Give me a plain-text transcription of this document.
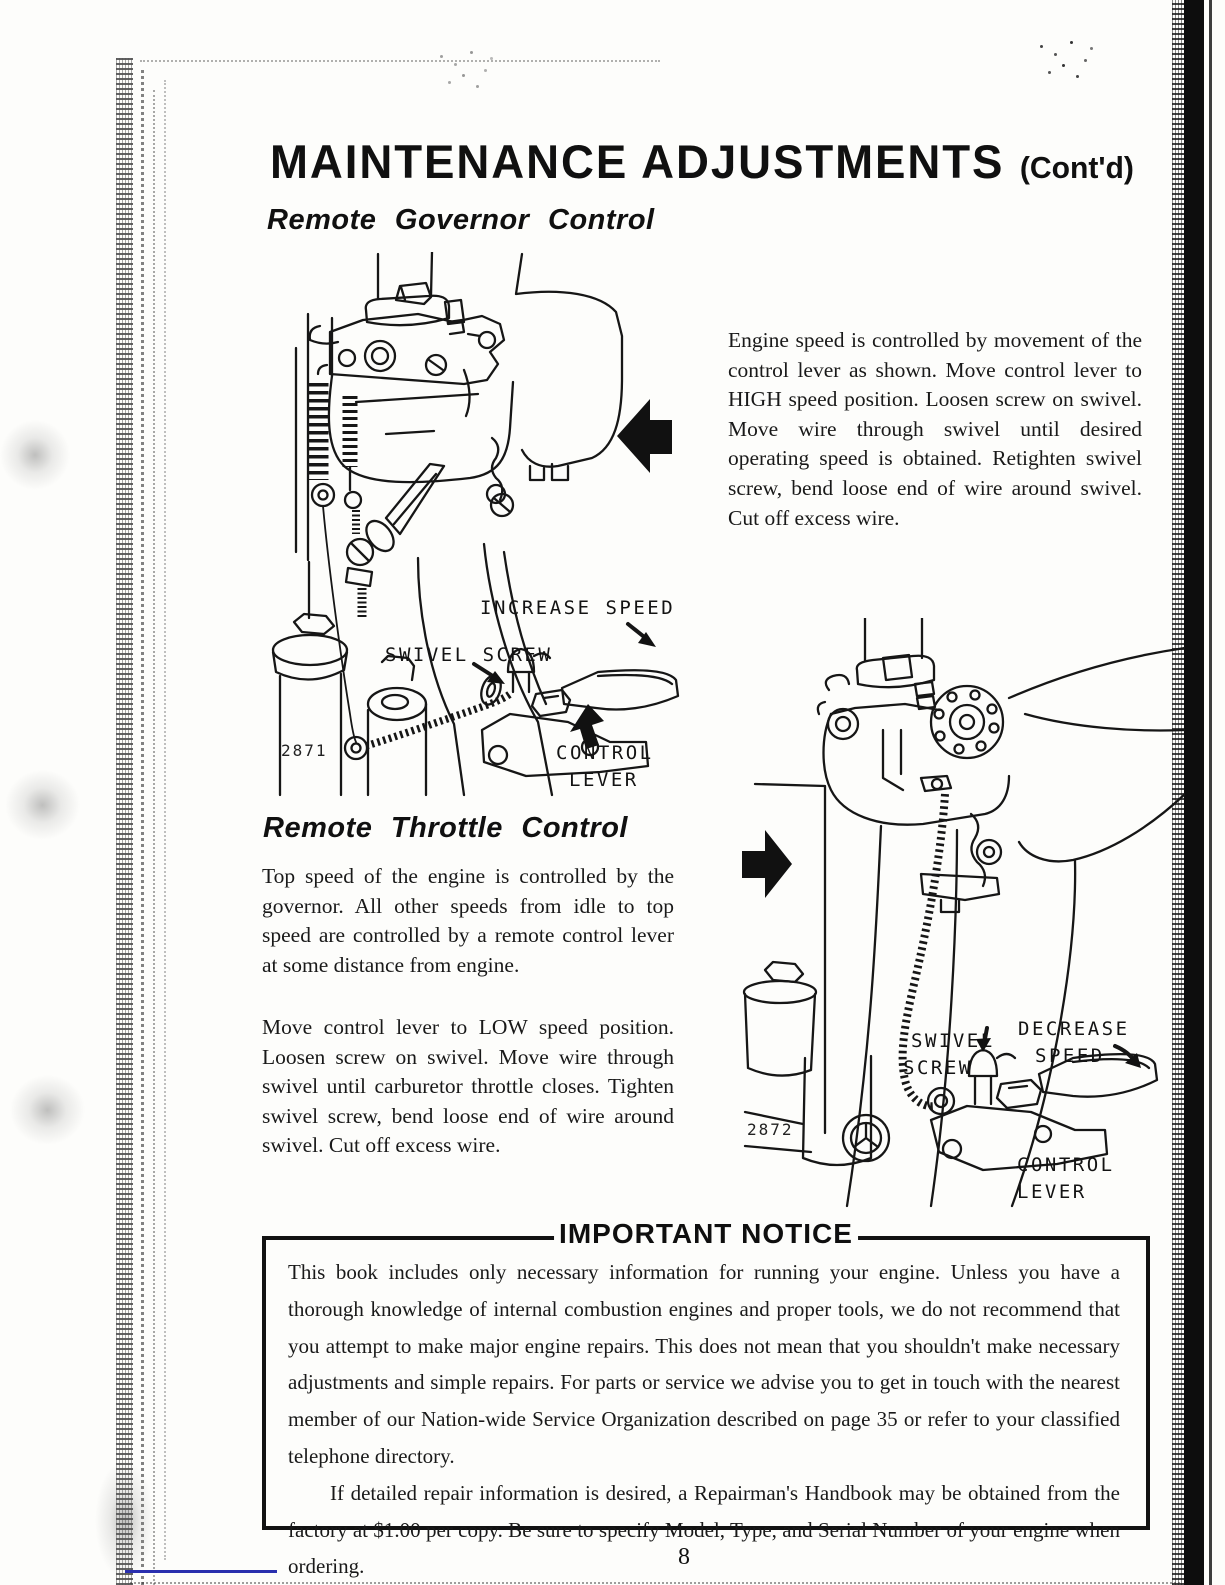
MAINTENANCE ADJUSTMENTS (Cont'd)
Remote Governor Control
Engine speed is controlled by movement of the control lever as shown. Move control lever to HIGH speed position. Loosen screw on swivel. Move wire through swivel until desired operating speed is obtained. Retighten swivel screw, bend loose end of wire around swivel. Cut off excess wire.
INCREASE SPEED
SWIVEL SCREW
CONTROL
LEVER
2871
Remote Throttle Control
Top speed of the engine is controlled by the governor. All other speeds from idle to top speed are controlled by a remote control lever at some distance from engine.
Move control lever to LOW speed position. Loosen screw on swivel. Move wire through swivel until carburetor throttle closes. Tighten swivel screw, bend loose end of wire around swivel. Cut off excess wire.
SWIVEL
SCREW
DECREASE
SPEED
CONTROL
LEVER
2872
IMPORTANT NOTICE
This book includes only necessary information for running your engine. Unless you have a thorough knowledge of internal combustion engines and proper tools, we do not recommend that you attempt to make major engine repairs. This does not mean that you shouldn't make necessary adjustments and simple repairs. For parts or service we advise you to get in touch with the nearest member of our Nation-wide Service Organization described on page 35 or refer to your classified telephone directory.
If detailed repair information is desired, a Repairman's Handbook may be obtained from the factory at $1.00 per copy. Be sure to specify Model, Type, and Serial Number of your engine when ordering.	8
